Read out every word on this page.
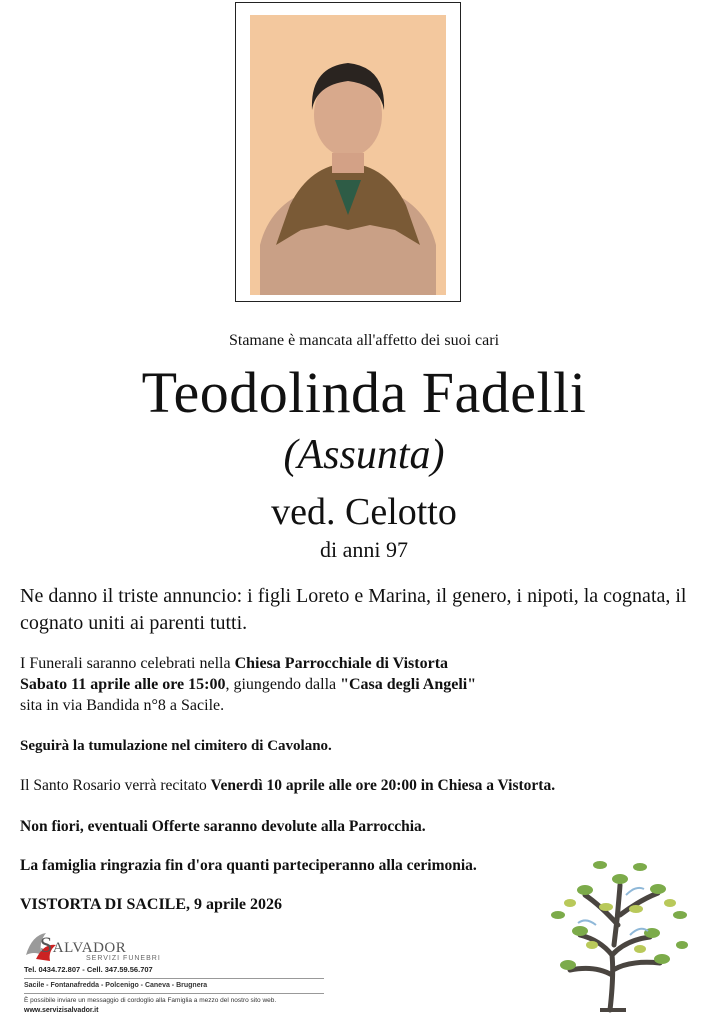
Stamane è mancata all'affetto dei suoi cari
Teodolinda Fadelli
(Assunta)
ved. Celotto
di anni 97
Ne danno il triste annuncio: i figli Loreto e Marina, il genero, i nipoti, la cognata, il cognato uniti ai parenti tutti.
I Funerali saranno celebrati nella Chiesa Parrocchiale di Vistorta
Sabato 11 aprile alle ore 15:00, giungendo dalla "Casa degli Angeli"
sita in via Bandida n°8 a Sacile.
Seguirà la tumulazione nel cimitero di Cavolano.
Il Santo Rosario verrà recitato Venerdì 10 aprile alle ore 20:00 in Chiesa a Vistorta.
Non fiori, eventuali Offerte saranno devolute alla Parrocchia.
La famiglia ringrazia fin d'ora quanti parteciperanno alla cerimonia.
VISTORTA DI SACILE, 9 aprile 2026
Salvador
SERVIZI FUNEBRI
Tel. 0434.72.807 - Cell. 347.59.56.707
Sacile - Fontanafredda - Polcenigo - Caneva - Brugnera
È possibile inviare un messaggio di cordoglio alla Famiglia a mezzo del nostro sito web.
www.servizisalvador.it
